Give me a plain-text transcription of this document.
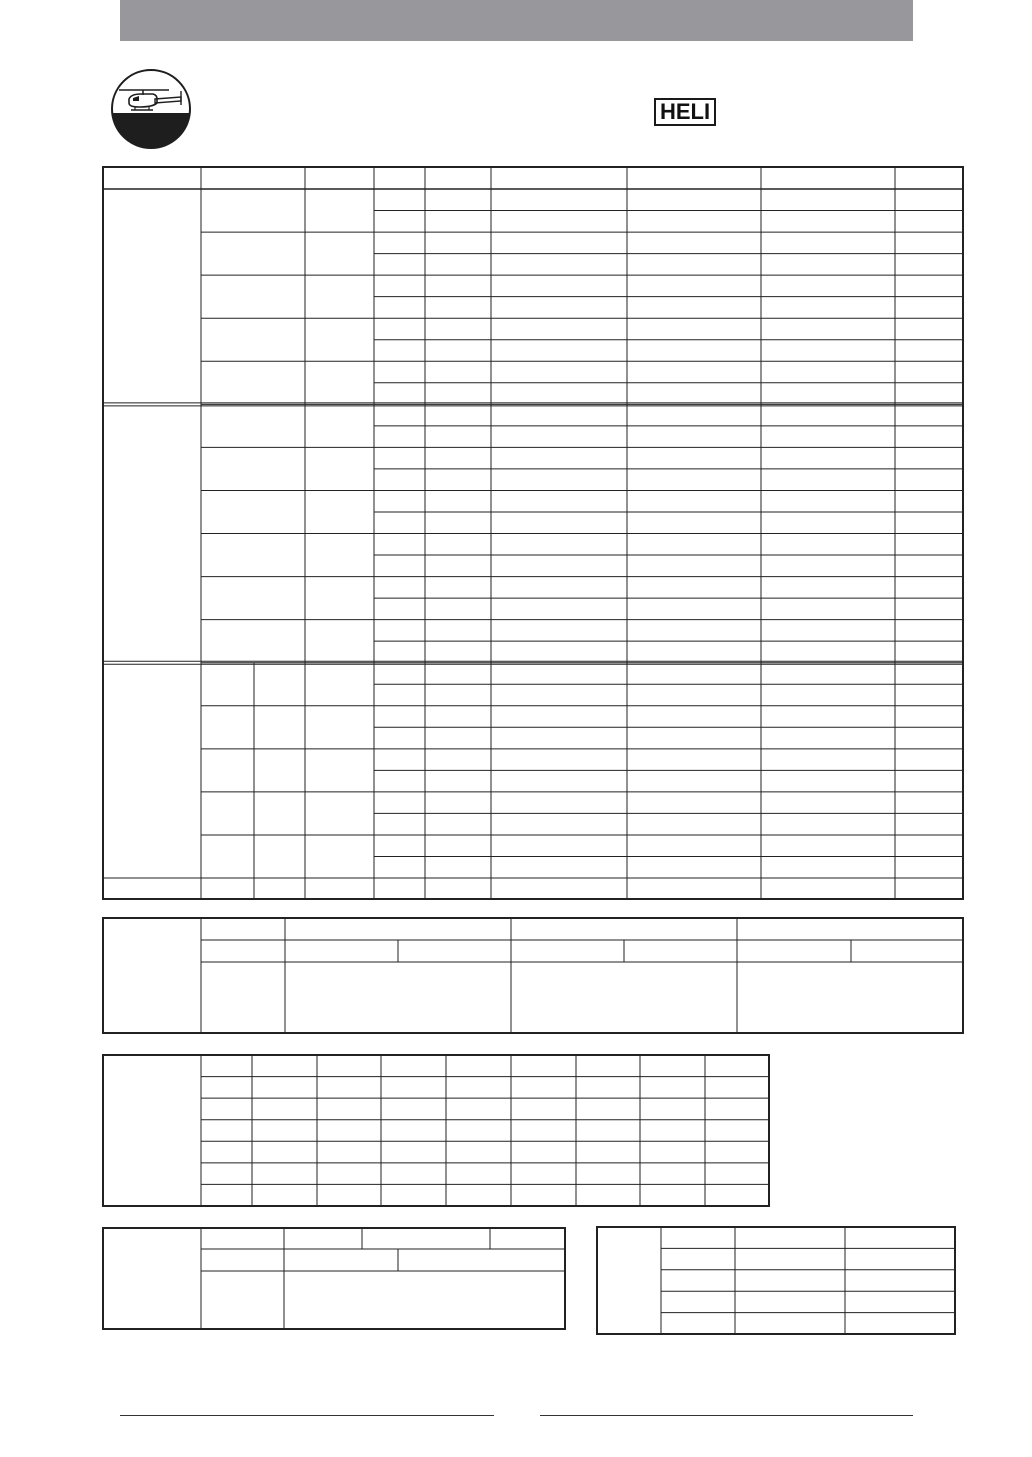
HELI
